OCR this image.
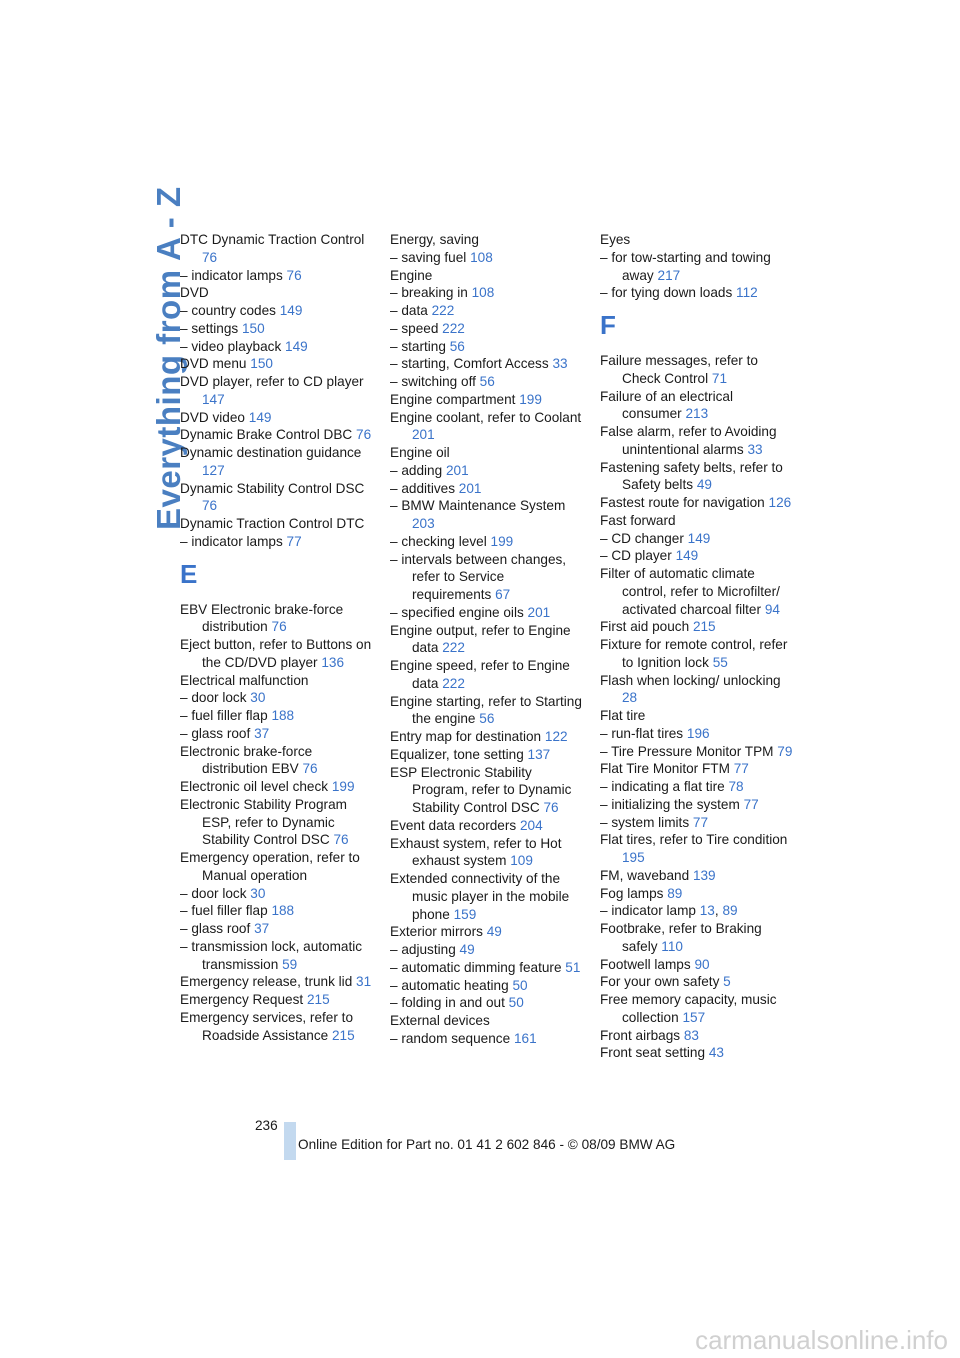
Everything from A - Z
DTC Dynamic Traction Control 76
– indicator lamps 76
DVD
– country codes 149
– settings 150
– video playback 149
DVD menu 150
DVD player, refer to CD player 147
DVD video 149
Dynamic Brake Control DBC 76
Dynamic destination guidance 127
Dynamic Stability Control DSC 76
Dynamic Traction Control DTC
– indicator lamps 77
E
EBV Electronic brake-force distribution 76
Eject button, refer to Buttons on the CD/DVD player 136
Electrical malfunction
– door lock 30
– fuel filler flap 188
– glass roof 37
Electronic brake-force distribution EBV 76
Electronic oil level check 199
Electronic Stability Program ESP, refer to Dynamic Stability Control DSC 76
Emergency operation, refer to Manual operation
– door lock 30
– fuel filler flap 188
– glass roof 37
– transmission lock, automatic transmission 59
Emergency release, trunk lid 31
Emergency Request 215
Emergency services, refer to Roadside Assistance 215
Energy, saving
– saving fuel 108
Engine
– breaking in 108
– data 222
– speed 222
– starting 56
– starting, Comfort Access 33
– switching off 56
Engine compartment 199
Engine coolant, refer to Coolant 201
Engine oil
– adding 201
– additives 201
– BMW Maintenance System 203
– checking level 199
– intervals between changes, refer to Service requirements 67
– specified engine oils 201
Engine output, refer to Engine data 222
Engine speed, refer to Engine data 222
Engine starting, refer to Starting the engine 56
Entry map for destination 122
Equalizer, tone setting 137
ESP Electronic Stability Program, refer to Dynamic Stability Control DSC 76
Event data recorders 204
Exhaust system, refer to Hot exhaust system 109
Extended connectivity of the music player in the mobile phone 159
Exterior mirrors 49
– adjusting 49
– automatic dimming feature 51
– automatic heating 50
– folding in and out 50
External devices
– random sequence 161
Eyes
– for tow-starting and towing away 217
– for tying down loads 112
F
Failure messages, refer to Check Control 71
Failure of an electrical consumer 213
False alarm, refer to Avoiding unintentional alarms 33
Fastening safety belts, refer to Safety belts 49
Fastest route for navigation 126
Fast forward
– CD changer 149
– CD player 149
Filter of automatic climate control, refer to Microfilter/ activated charcoal filter 94
First aid pouch 215
Fixture for remote control, refer to Ignition lock 55
Flash when locking/ unlocking 28
Flat tire
– run-flat tires 196
– Tire Pressure Monitor TPM 79
Flat Tire Monitor FTM 77
– indicating a flat tire 78
– initializing the system 77
– system limits 77
Flat tires, refer to Tire condition 195
FM, waveband 139
Fog lamps 89
– indicator lamp 13, 89
Footbrake, refer to Braking safely 110
Footwell lamps 90
For your own safety 5
Free memory capacity, music collection 157
Front airbags 83
Front seat setting 43
236
Online Edition for Part no. 01 41 2 602 846 - © 08/09 BMW AG
carmanualsonline.info
